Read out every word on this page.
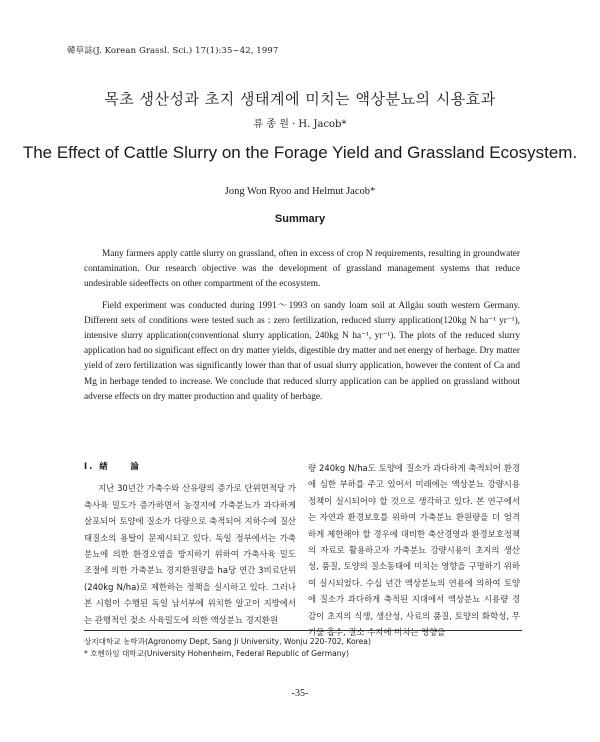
韓草誌(J. Korean Grassl. Sci.) 17(1):35~42, 1997
목초 생산성과 초지 생태계에 미치는 액상분뇨의 시용효과
류 종 원 · H. Jacob*
The Effect of Cattle Slurry on the Forage Yield and Grassland Ecosystem.
Jong Won Ryoo and Helmut Jacob*
Summary

Many farmers apply cattle slurry on grassland, often in excess of crop N requirements, resulting in groundwater contamination. Our research objective was the development of grassland management systems that reduce undesirable sideeffects on other compartment of the ecosystem.

Field experiment was conducted during 1991～1993 on sandy loam soil at Allgäu south western Germany. Different sets of conditions were tested such as : zero fertilization, reduced slurry application(120kg N ha⁻¹ yr⁻¹), intensive slurry application(conventional slurry application, 240kg N ha⁻¹, yr⁻¹). The plots of the reduced slurry application had no significant effect on dry matter yields, digestible dry matter and net energy of herbage. Dry matter yield of zero fertilization was significantly lower than that of usual slurry application, however the content of Ca and Mg in herbage tended to increase. We conclude that reduced slurry application can be applied on grassland without adverse effects on dry matter production and quality of herbage.

Ⅰ. 緖　　論
지난 30년간 가축수와 산유량의 증가로 단위면적당 가축사육 밀도가 증가하면서 농경지에 가축분뇨가 과다하게 살포되어 토양에 질소가 다량으로 축적되어 지하수에 질산태질소의 용탈이 문제시되고 있다. 독일 정부에서는 가축분뇨에 의한 환경오염을 방지하기 위하여 가축사육 밀도 조절에 의한 가축분뇨 경지환원량을 ha당 연간 3비료단위(240kg N/ha)로 제한하는 정책을 실시하고 있다. 그러나 본 시험이 수행된 독일 남서부에 위치한 알고이 지방에서는 관행적인 젖소 사육밀도에 의한 액상분뇨 경지환원
량 240kg N/ha도 토양에 질소가 과다하게 축적되어 환경에 심한 부하를 주고 있어서 미래에는 액상분뇨 강량시용 정책이 실시되어야 할 것으로 생각하고 있다. 본 연구에서는 자연과 환경보호를 위하여 가축분뇨 환원량을 더 엄격하게 제한해야 할 경우에 대비한 축산경영과 환경보호정책의 자료로 활용하고자 가축분뇨 강량시용이 초지의 생산성, 품질, 토양의 질소동태에 미치는 영향을 구명하기 위하여 실시되었다. 수십 년간 액상분뇨의 연용에 의하여 토양에 질소가 과다하게 축적된 지대에서 액상분뇨 시용량 경감이 초지의 식생, 생산성, 사료의 품질, 토양의 화학성, 무기물 흡수, 질소 수지에 미치는 영향을
상지대학교 농학과(Agronomy Dept, Sang Ji University, Wonju 220-702, Korea)
* 호헨하임 대학교(University Hohenheim, Federal Republic of Germany)
-35-
